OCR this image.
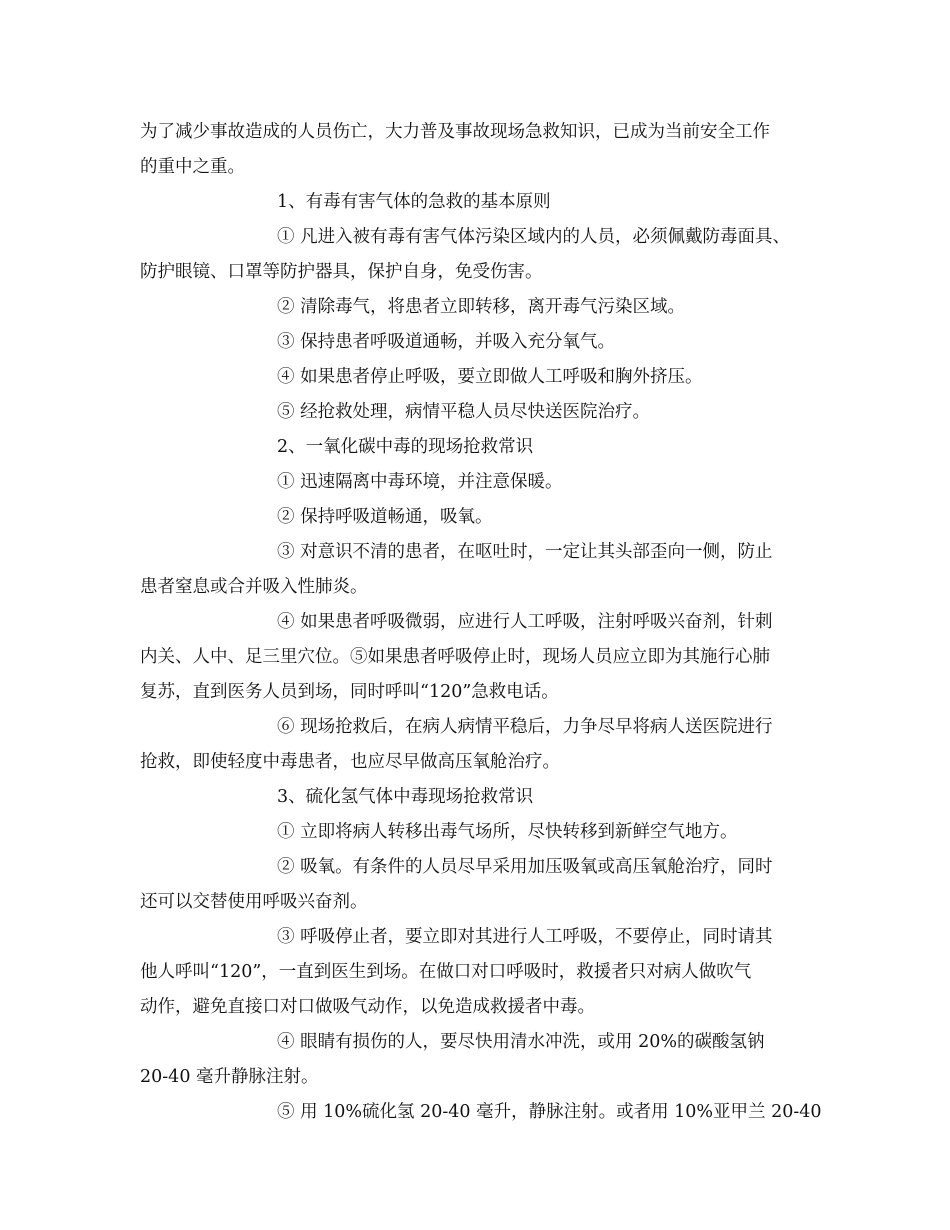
为了减少事故造成的人员伤亡，大力普及事故现场急救知识，已成为当前安全工作

的重中之重。

1、有毒有害气体的急救的基本原则

① 凡进入被有毒有害气体污染区域内的人员，必须佩戴防毒面具、

防护眼镜、口罩等防护器具，保护自身，免受伤害。

② 清除毒气，将患者立即转移，离开毒气污染区域。

③ 保持患者呼吸道通畅，并吸入充分氧气。

④ 如果患者停止呼吸，要立即做人工呼吸和胸外挤压。

⑤ 经抢救处理，病情平稳人员尽快送医院治疗。

2、一氧化碳中毒的现场抢救常识

① 迅速隔离中毒环境，并注意保暖。

② 保持呼吸道畅通，吸氧。

③ 对意识不清的患者，在呕吐时，一定让其头部歪向一侧，防止

患者窒息或合并吸入性肺炎。

④ 如果患者呼吸微弱，应进行人工呼吸，注射呼吸兴奋剂，针刺

内关、人中、足三里穴位。⑤如果患者呼吸停止时，现场人员应立即为其施行心肺

复苏，直到医务人员到场，同时呼叫“120”急救电话。

⑥ 现场抢救后，在病人病情平稳后，力争尽早将病人送医院进行

抢救，即使轻度中毒患者，也应尽早做高压氧舱治疗。

3、硫化氢气体中毒现场抢救常识

① 立即将病人转移出毒气场所，尽快转移到新鲜空气地方。

② 吸氧。有条件的人员尽早采用加压吸氧或高压氧舱治疗，同时

还可以交替使用呼吸兴奋剂。

③ 呼吸停止者，要立即对其进行人工呼吸，不要停止，同时请其

他人呼叫“120”，一直到医生到场。在做口对口呼吸时，救援者只对病人做吹气

动作，避免直接口对口做吸气动作，以免造成救援者中毒。

④ 眼睛有损伤的人，要尽快用清水冲洗，或用 20%的碳酸氢钠

20-40 毫升静脉注射。

⑤ 用 10%硫化氢 20-40 毫升，静脉注射。或者用 10%亚甲兰 20-40
